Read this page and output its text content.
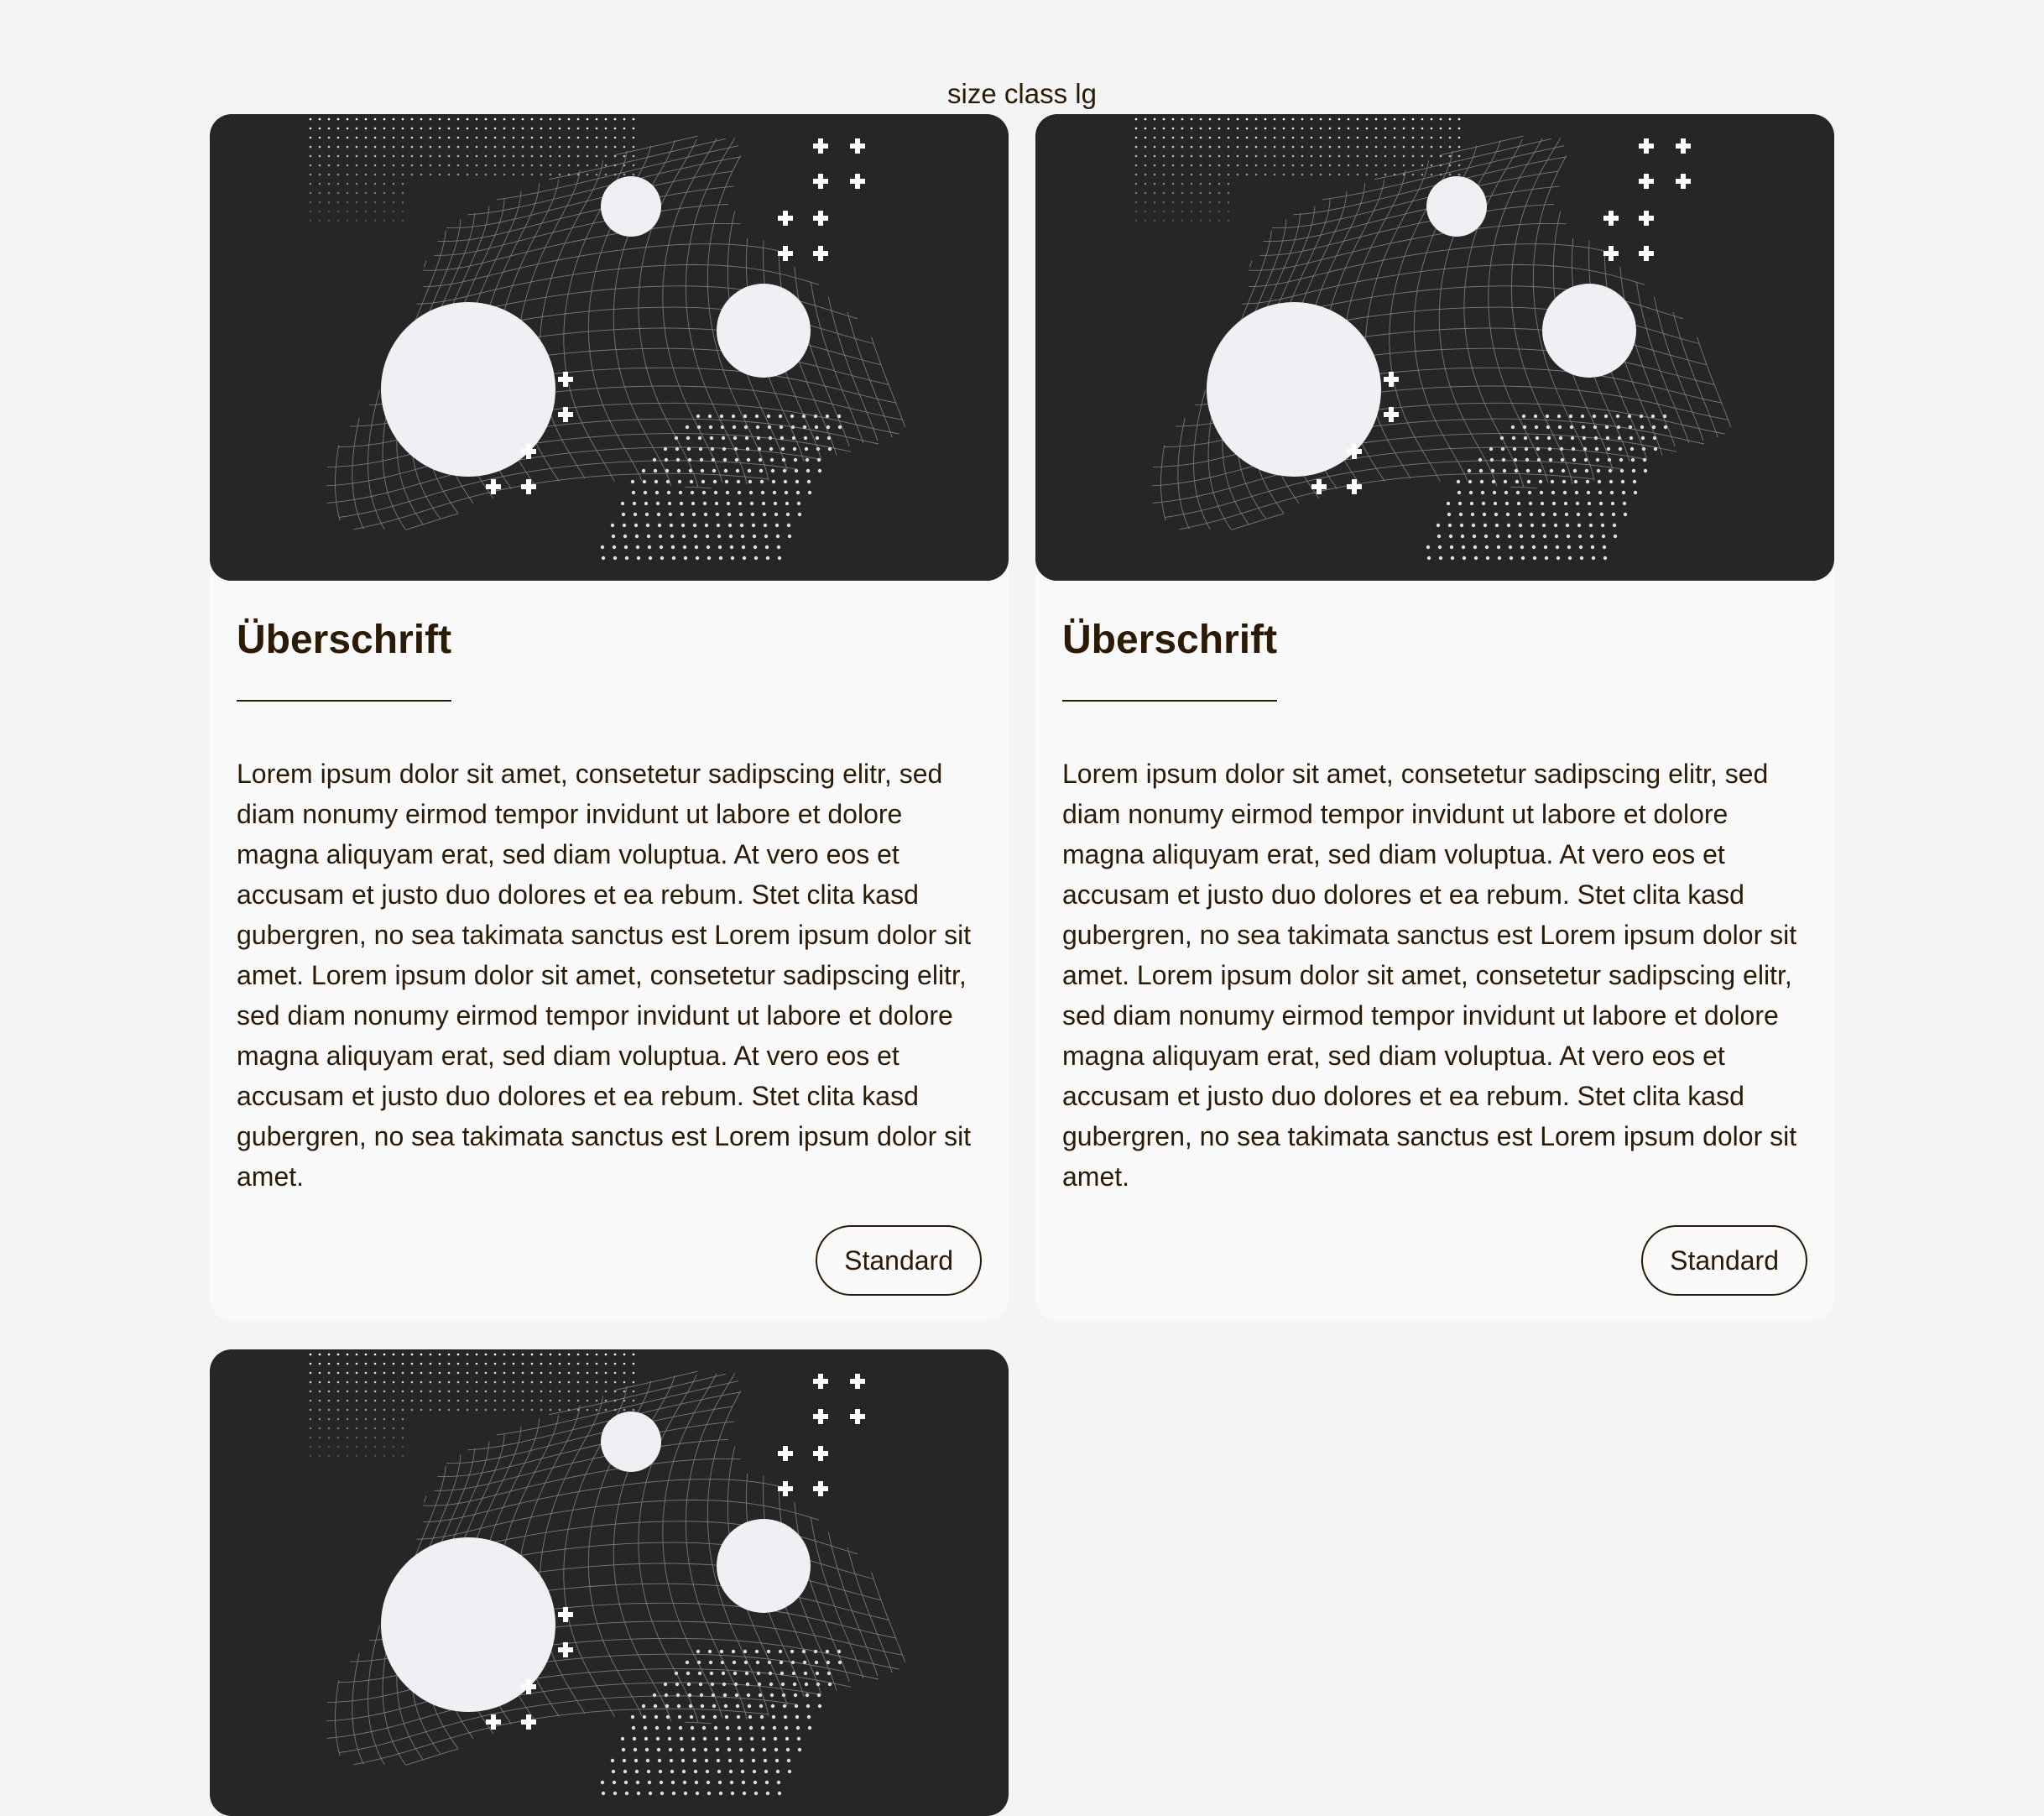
size class lg
Überschrift

Lorem ipsum dolor sit amet, consetetur sadipscing elitr, sed diam nonumy eirmod tempor invidunt ut labore et dolore magna aliquyam erat, sed diam voluptua. At vero eos et accusam et justo duo dolores et ea rebum. Stet clita kasd gubergren, no sea takimata sanctus est Lorem ipsum dolor sit amet. Lorem ipsum dolor sit amet, consetetur sadipscing elitr, sed diam nonumy eirmod tempor invidunt ut labore et dolore magna aliquyam erat, sed diam voluptua. At vero eos et accusam et justo duo dolores et ea rebum. Stet clita kasd gubergren, no sea takimata sanctus est Lorem ipsum dolor sit amet.

Standard
Überschrift

Lorem ipsum dolor sit amet, consetetur sadipscing elitr, sed diam nonumy eirmod tempor invidunt ut labore et dolore magna aliquyam erat, sed diam voluptua. At vero eos et accusam et justo duo dolores et ea rebum. Stet clita kasd gubergren, no sea takimata sanctus est Lorem ipsum dolor sit amet. Lorem ipsum dolor sit amet, consetetur sadipscing elitr, sed diam nonumy eirmod tempor invidunt ut labore et dolore magna aliquyam erat, sed diam voluptua. At vero eos et accusam et justo duo dolores et ea rebum. Stet clita kasd gubergren, no sea takimata sanctus est Lorem ipsum dolor sit amet.

Standard
